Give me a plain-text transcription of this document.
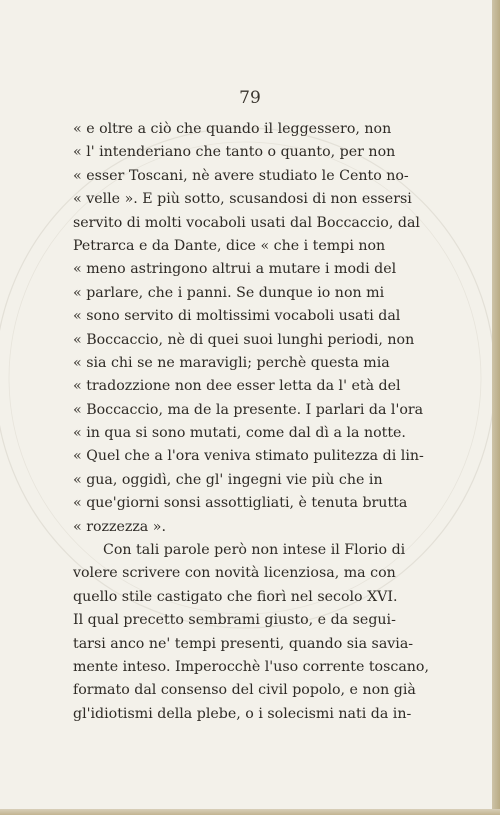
79
« e oltre a ciò che quando il leggessero, non
« l' intenderiano che tanto o quanto, per non
« esser Toscani, nè avere studiato le Cento no-
« velle ». E più sotto, scusandosi di non essersi
servito di molti vocaboli usati dal Boccaccio, dal
Petrarca e da Dante, dice « che i tempi non
« meno astringono altrui a mutare i modi del
« parlare, che i panni. Se dunque io non mi
« sono servito di moltissimi vocaboli usati dal
« Boccaccio, nè di quei suoi lunghi periodi, non
« sia chi se ne maravigli; perchè questa mia
« tradozzione non dee esser letta da l' età del
« Boccaccio, ma de la presente. I parlari da l'ora
« in qua si sono mutati, come dal dì a la notte.
« Quel che a l'ora veniva stimato pulitezza di lin-
« gua, oggidì, che gl' ingegni vie più che in
« que'giorni sonsi assottigliati, è tenuta brutta
« rozzezza ».
Con tali parole però non intese il Florio di
volere scrivere con novità licenziosa, ma con
quello stile castigato che fiorì nel secolo XVI.
Il qual precetto sembrami giusto, e da segui-
tarsi anco ne' tempi presenti, quando sia savia-
mente inteso. Imperocchè l'uso corrente toscano,
formato dal consenso del civil popolo, e non già
gl'idiotismi della plebe, o i solecismi nati da in-
